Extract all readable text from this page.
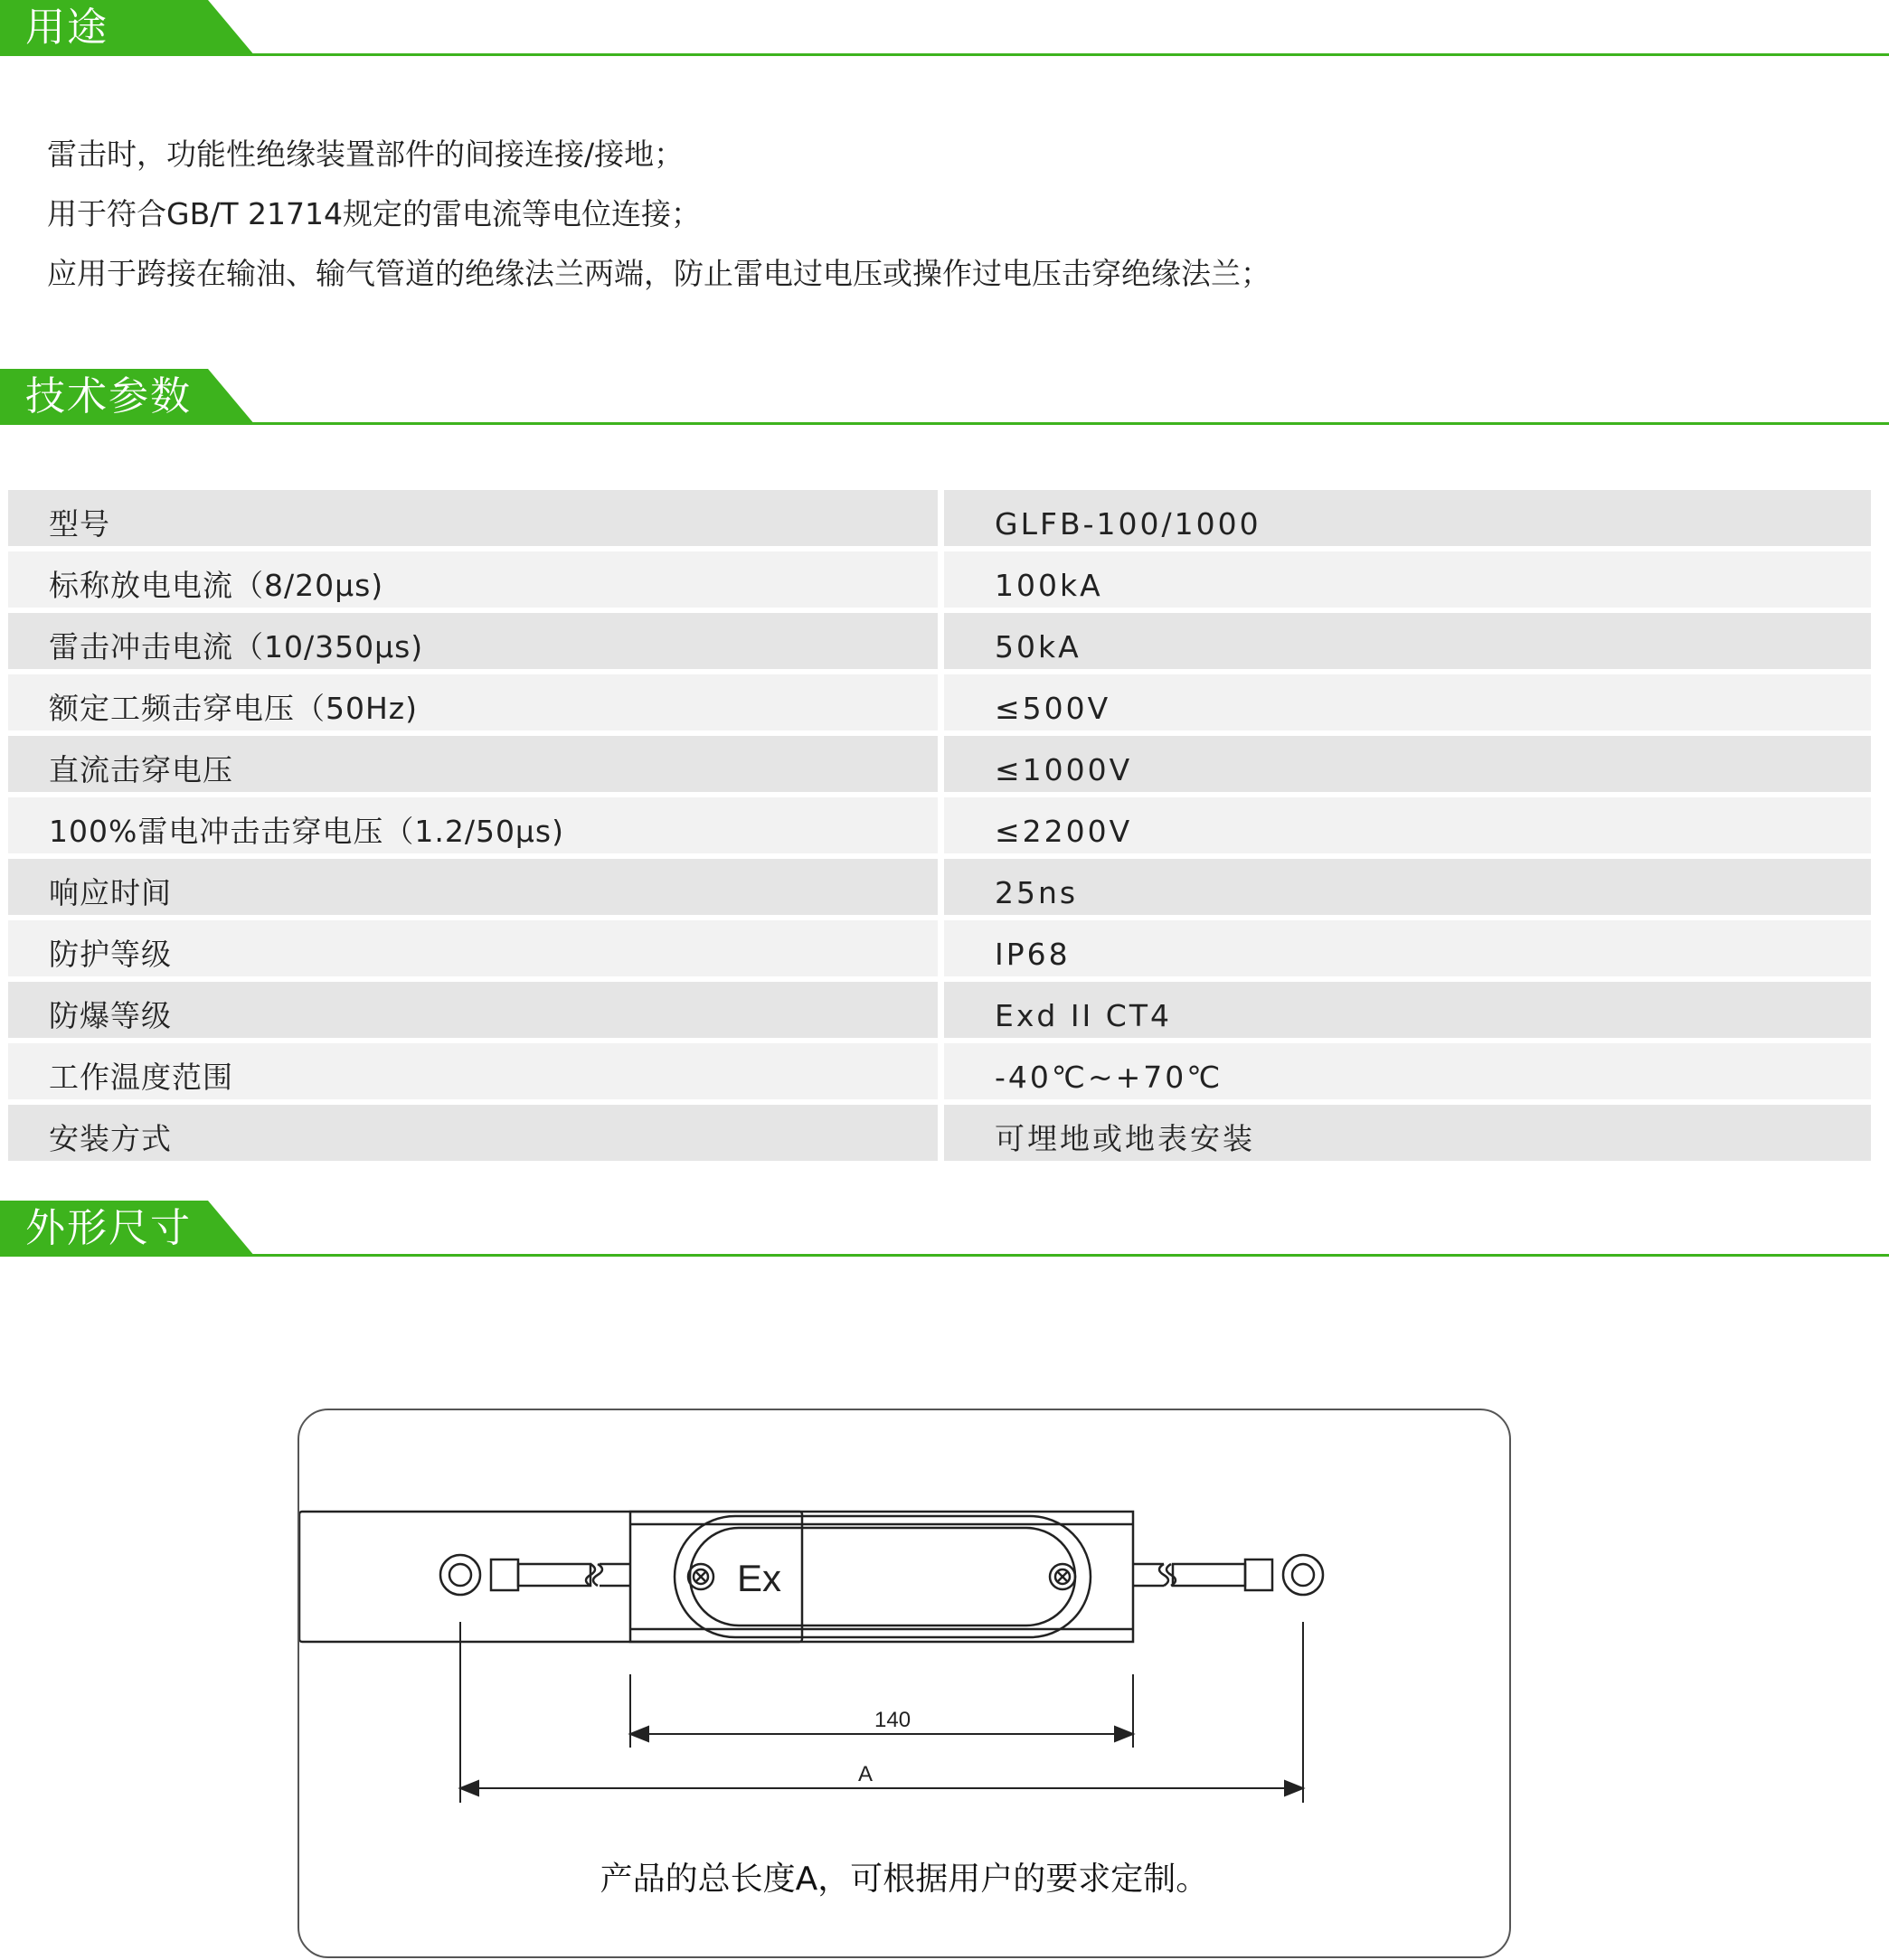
用途

雷击时，功能性绝缘装置部件的间接连接/接地；

用于符合GB/T 21714规定的雷电流等电位连接；

应用于跨接在输油、输气管道的绝缘法兰两端，防止雷电过电压或操作过电压击穿绝缘法兰；

技术参数
型号	GLFB-100/1000
标称放电电流（8/20μs)	100kA
雷击冲击电流（10/350μs)	50kA
额定工频击穿电压（50Hz)	≤500V
直流击穿电压	≤1000V
100%雷电冲击击穿电压（1.2/50μs)	≤2200V
响应时间	25ns
防护等级	IP68
防爆等级	Exd II CT4
工作温度范围	-40℃~+70℃
安装方式	可埋地或地表安装
外形尺寸
Ex
140
A
产品的总长度A，可根据用户的要求定制。
